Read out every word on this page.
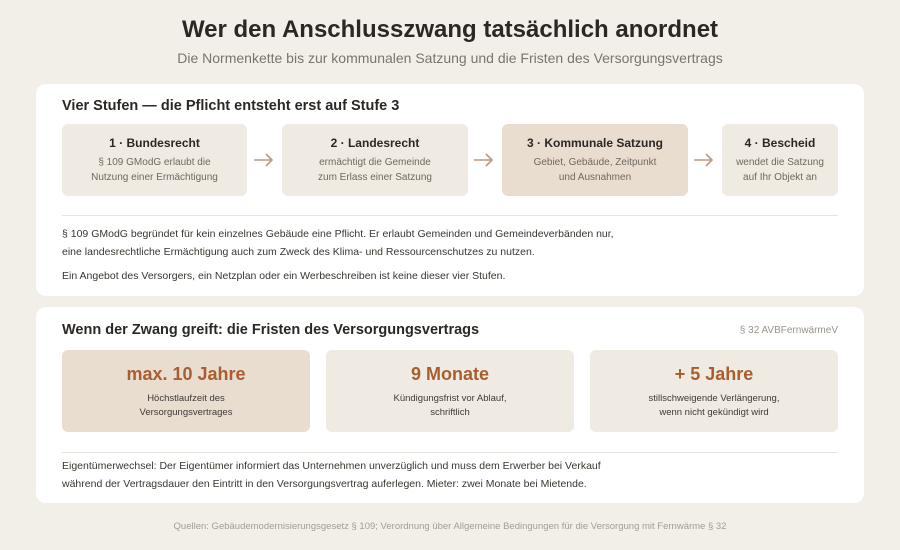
Wer den Anschlusszwang tatsächlich anordnet
Die Normenkette bis zur kommunalen Satzung und die Fristen des Versorgungsvertrags
Vier Stufen — die Pflicht entsteht erst auf Stufe 3
1 · Bundesrecht
§ 109 GModG erlaubt die
Nutzung einer Ermächtigung
2 · Landesrecht
ermächtigt die Gemeinde
zum Erlass einer Satzung
3 · Kommunale Satzung
Gebiet, Gebäude, Zeitpunkt
und Ausnahmen
4 · Bescheid
wendet die Satzung
auf Ihr Objekt an
§ 109 GModG begründet für kein einzelnes Gebäude eine Pflicht. Er erlaubt Gemeinden und Gemeindeverbänden nur,
eine landesrechtliche Ermächtigung auch zum Zweck des Klima- und Ressourcenschutzes zu nutzen.
Ein Angebot des Versorgers, ein Netzplan oder ein Werbeschreiben ist keine dieser vier Stufen.
Wenn der Zwang greift: die Fristen des Versorgungsvertrags	§ 32 AVBFernwärmeV
max. 10 Jahre
Höchstlaufzeit des
Versorgungsvertrages
9 Monate
Kündigungsfrist vor Ablauf,
schriftlich
+ 5 Jahre
stillschweigende Verlängerung,
wenn nicht gekündigt wird
Eigentümerwechsel: Der Eigentümer informiert das Unternehmen unverzüglich und muss dem Erwerber bei Verkauf
während der Vertragsdauer den Eintritt in den Versorgungsvertrag auferlegen. Mieter: zwei Monate bei Mietende.
Quellen: Gebäudemodernisierungsgesetz § 109; Verordnung über Allgemeine Bedingungen für die Versorgung mit Fernwärme § 32
